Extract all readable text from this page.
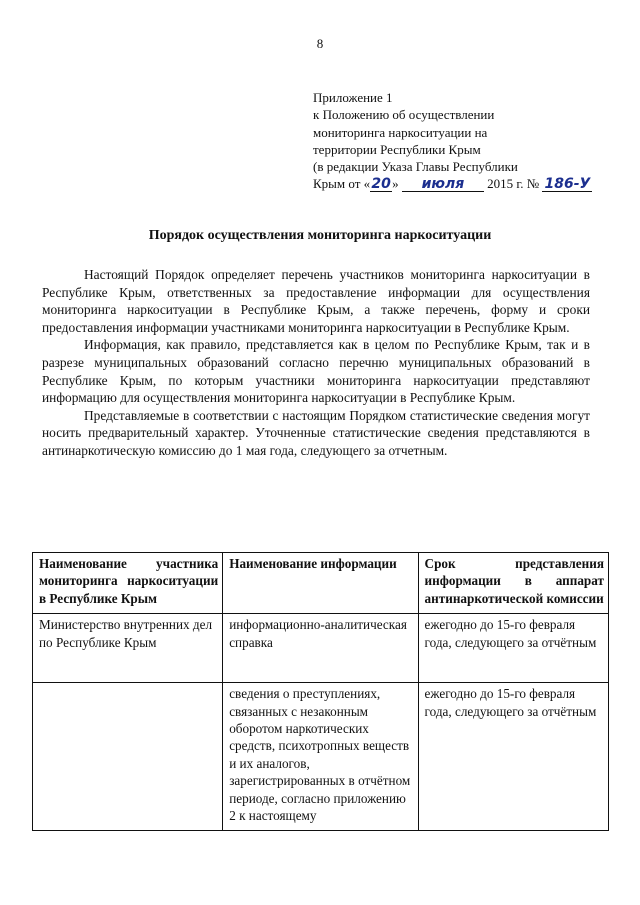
8
Приложение 1
к Положению об осуществлении
мониторинга наркоситуации на
территории Республики Крым
(в редакции Указа Главы Республики
Крым от «20» июля 2015 г. № 186-У
Порядок осуществления мониторинга наркоситуации

Настоящий Порядок определяет перечень участников мониторинга наркоситуации в Республике Крым, ответственных за предоставление информации для осуществления мониторинга наркоситуации в Республике Крым, а также перечень, форму и сроки предоставления информации участниками мониторинга наркоситуации в Республике Крым.

Информация, как правило, представляется как в целом по Республике Крым, так и в разрезе муниципальных образований согласно перечню муниципальных образований в Республике Крым, по которым участники мониторинга наркоситуации представляют информацию для осуществления мониторинга наркоситуации в Республике Крым.

Представляемые в соответствии с настоящим Порядком статистические сведения могут носить предварительный характер. Уточненные статистические сведения представляются в антинаркотическую комиссию до 1 мая года, следующего за отчетным.

Наименование участника мониторинга наркоситуации в Республике Крым	Наименование информации	Срок представления информации в аппарат антинаркотической комиссии
Министерство внутренних дел по Республике Крым	информационно-аналитическая справка	ежегодно до 15-го февраля года, следующего за отчётным
	сведения о преступлениях, связанных с незаконным оборотом наркотических средств, психотропных веществ и их аналогов, зарегистрированных в отчётном периоде, согласно приложению 2 к настоящему	ежегодно до 15-го февраля года, следующего за отчётным
